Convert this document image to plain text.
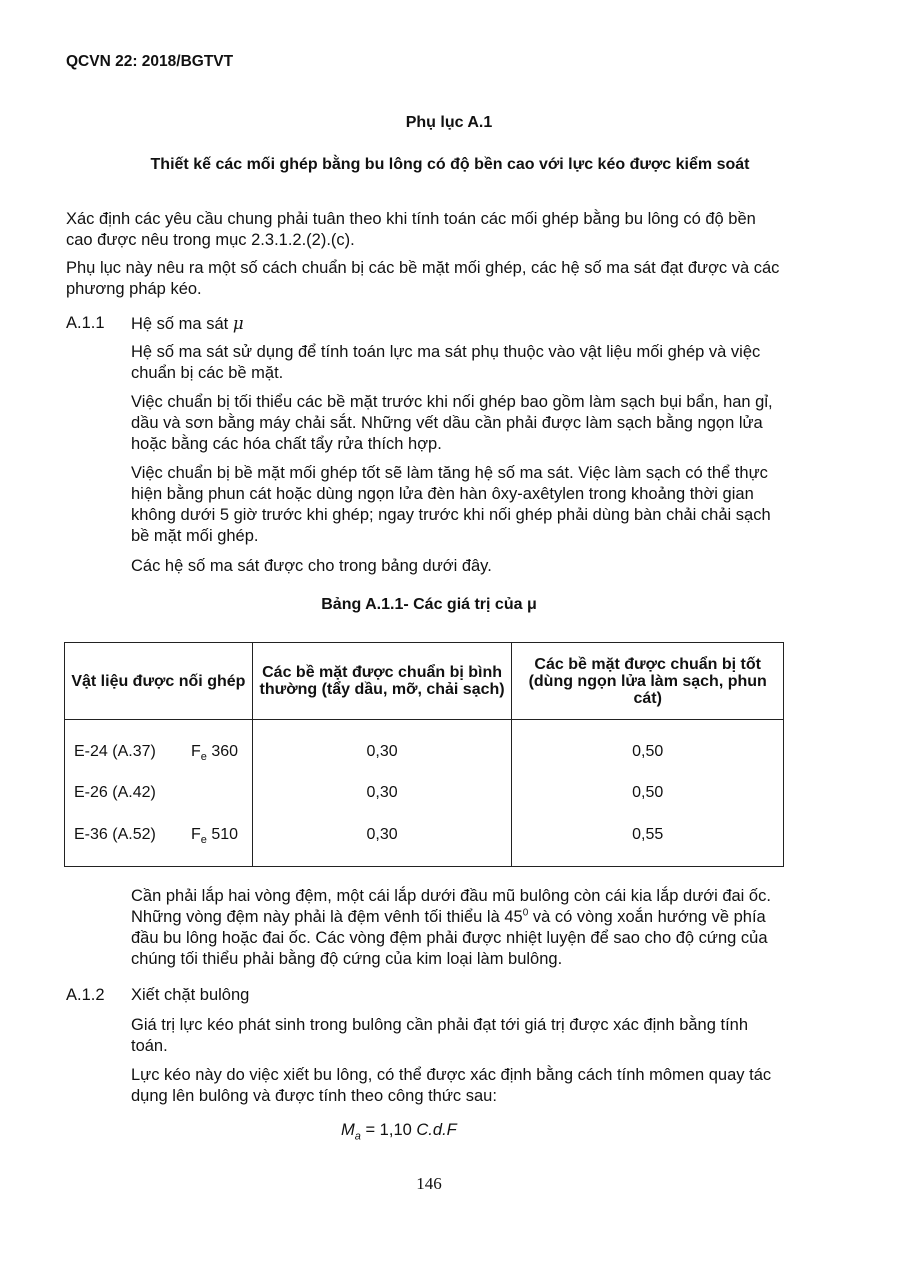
QCVN 22: 2018/BGTVT
Phụ lục A.1
Thiết kế các mối ghép bằng bu lông có độ bền cao với lực kéo được kiểm soát
Xác định các yêu cầu chung phải tuân theo khi tính toán các mối ghép bằng bu lông có độ bền cao được nêu trong mục 2.3.1.2.(2).(c).
Phụ lục này nêu ra một số cách chuẩn bị các bề mặt mối ghép, các hệ số ma sát đạt được và các phương pháp kéo.
A.1.1 Hệ số ma sát μ
Hệ số ma sát sử dụng để tính toán lực ma sát phụ thuộc vào vật liệu mối ghép và việc chuẩn bị các bề mặt.
Việc chuẩn bị tối thiểu các bề mặt trước khi nối ghép bao gồm làm sạch bụi bẩn, han gỉ, dầu và sơn bằng máy chải sắt. Những vết dầu cần phải được làm sạch bằng ngọn lửa hoặc bằng các hóa chất tẩy rửa thích hợp.
Việc chuẩn bị bề mặt mối ghép tốt sẽ làm tăng hệ số ma sát. Việc làm sạch có thể thực hiện bằng phun cát hoặc dùng ngọn lửa đèn hàn ôxy-axêtylen trong khoảng thời gian không dưới 5 giờ trước khi ghép; ngay trước khi nối ghép phải dùng bàn chải chải sạch bề mặt mối ghép.
Các hệ số ma sát được cho trong bảng dưới đây.
Bảng A.1.1- Các giá trị của μ
Vật liệu được nối ghép	Các bề mặt được chuẩn bị bình thường (tẩy dầu, mỡ, chải sạch)	Các bề mặt được chuẩn bị tốt (dùng ngọn lửa làm sạch, phun cát)
E-24 (A.37) $F_e$ 360	0,30	0,50
E-26 (A.42)	0,30	0,50
E-36 (A.52) $F_e$ 510	0,30	0,55
Cần phải lắp hai vòng đệm, một cái lắp dưới đầu mũ bulông còn cái kia lắp dưới đai ốc. Những vòng đệm này phải là đệm vênh tối thiểu là $45^0$ và có vòng xoắn hướng về phía đầu bu lông hoặc đai ốc. Các vòng đệm phải được nhiệt luyện để sao cho độ cứng của chúng tối thiểu phải bằng độ cứng của kim loại làm bulông.
A.1.2 Xiết chặt bulông
Giá trị lực kéo phát sinh trong bulông cần phải đạt tới giá trị được xác định bằng tính toán.
Lực kéo này do việc xiết bu lông, có thể được xác định bằng cách tính mômen quay tác dụng lên bulông và được tính theo công thức sau:
$M_a = 1,10$ C.d.F
146
